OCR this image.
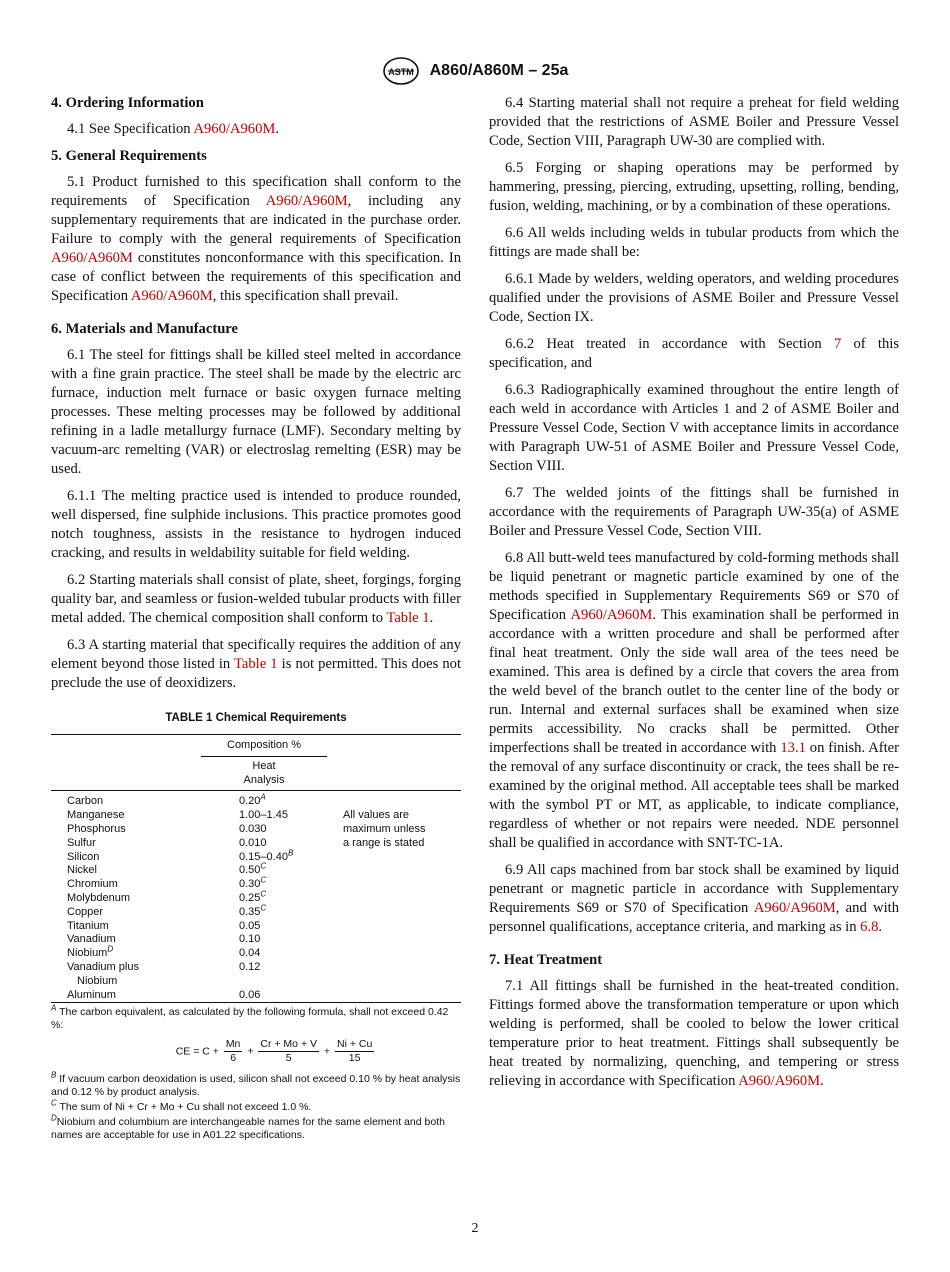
ASTM A860/A860M – 25a
4. Ordering Information

4.1 See Specification A960/A960M.

5. General Requirements

5.1 Product furnished to this specification shall conform to the requirements of Specification A960/A960M, including any supplementary requirements that are indicated in the purchase order. Failure to comply with the general requirements of Specification A960/A960M constitutes nonconformance with this specification. In case of conflict between the requirements of this specification and Specification A960/A960M, this specification shall prevail.

6. Materials and Manufacture

6.1 The steel for fittings shall be killed steel melted in accordance with a fine grain practice. The steel shall be made by the electric arc furnace, induction melt furnace or basic oxygen furnace melting processes. These melting processes may be followed by additional refining in a ladle metallurgy furnace (LMF). Secondary melting by vacuum-arc remelting (VAR) or electroslag remelting (ESR) may be used.

6.1.1 The melting practice used is intended to produce rounded, well dispersed, fine sulphide inclusions. This practice promotes good notch toughness, assists in the resistance to hydrogen induced cracking, and results in weldability suitable for field welding.

6.2 Starting materials shall consist of plate, sheet, forgings, forging quality bar, and seamless or fusion-welded tubular products with filler metal added. The chemical composition shall conform to Table 1.

6.3 A starting material that specifically requires the addition of any element beyond those listed in Table 1 is not permitted. This does not preclude the use of deoxidizers.

TABLE 1 Chemical Requirements

	Composition %	

	Heat
Analysis	

Carbon	$0.20^A$	
Manganese	1.00–1.45	All values are
Phosphorus	0.030	maximum unless
Sulfur	0.010	a range is stated
Silicon	$0.15-0.40^B$	
Nickel	$0.50^C$	
Chromium	$0.30^C$	
Molybdenum	$0.25^C$	
Copper	$0.35^C$	
Titanium	0.05	
Vanadium	0.10	
Niobium$^D$	0.04	
Vanadium plus
Niobium	0.12	
Aluminum	0.06	

$^A$ The carbon equivalent, as calculated by the following formula, shall not exceed 0.42 %:

CE = $C + \frac{Mn}{6} + \frac{Cr + Mo + V}{5} + \frac{Ni + Cu}{15}$

$^B$ If vacuum carbon deoxidation is used, silicon shall not exceed 0.10 % by heat analysis and 0.12 % by product analysis.

$^C$ The sum of Ni + Cr + Mo + Cu shall not exceed 1.0 %.

$^D$Niobium and columbium are interchangeable names for the same element and both names are acceptable for use in A01.22 specifications.

6.4 Starting material shall not require a preheat for field welding provided that the restrictions of ASME Boiler and Pressure Vessel Code, Section VIII, Paragraph UW-30 are complied with.

6.5 Forging or shaping operations may be performed by hammering, pressing, piercing, extruding, upsetting, rolling, bending, fusion, welding, machining, or by a combination of these operations.

6.6 All welds including welds in tubular products from which the fittings are made shall be:

6.6.1 Made by welders, welding operators, and welding procedures qualified under the provisions of ASME Boiler and Pressure Vessel Code, Section IX.

6.6.2 Heat treated in accordance with Section 7 of this specification, and

6.6.3 Radiographically examined throughout the entire length of each weld in accordance with Articles 1 and 2 of ASME Boiler and Pressure Vessel Code, Section V with acceptance limits in accordance with Paragraph UW-51 of ASME Boiler and Pressure Vessel Code, Section VIII.

6.7 The welded joints of the fittings shall be furnished in accordance with the requirements of Paragraph UW-35(a) of ASME Boiler and Pressure Vessel Code, Section VIII.

6.8 All butt-weld tees manufactured by cold-forming methods shall be liquid penetrant or magnetic particle examined by one of the methods specified in Supplementary Requirements S69 or S70 of Specification A960/A960M. This examination shall be performed in accordance with a written procedure and shall be performed after final heat treatment. Only the side wall area of the tees need be examined. This area is defined by a circle that covers the area from the weld bevel of the branch outlet to the center line of the body or run. Internal and external surfaces shall be examined when size permits accessibility. No cracks shall be permitted. Other imperfections shall be treated in accordance with 13.1 on finish. After the removal of any surface discontinuity or crack, the tees shall be re-examined by the original method. All acceptable tees shall be marked with the symbol PT or MT, as applicable, to indicate compliance, regardless of whether or not repairs were needed. NDE personnel shall be qualified in accordance with SNT-TC-1A.

6.9 All caps machined from bar stock shall be examined by liquid penetrant or magnetic particle in accordance with Supplementary Requirements S69 or S70 of Specification A960/A960M, and with personnel qualifications, acceptance criteria, and marking as in 6.8.

7. Heat Treatment

7.1 All fittings shall be furnished in the heat-treated condition. Fittings formed above the transformation temperature or upon which welding is performed, shall be cooled to below the lower critical temperature prior to heat treatment. Fittings shall subsequently be heat treated by normalizing, quenching, and tempering or stress relieving in accordance with Specification A960/A960M.

2
